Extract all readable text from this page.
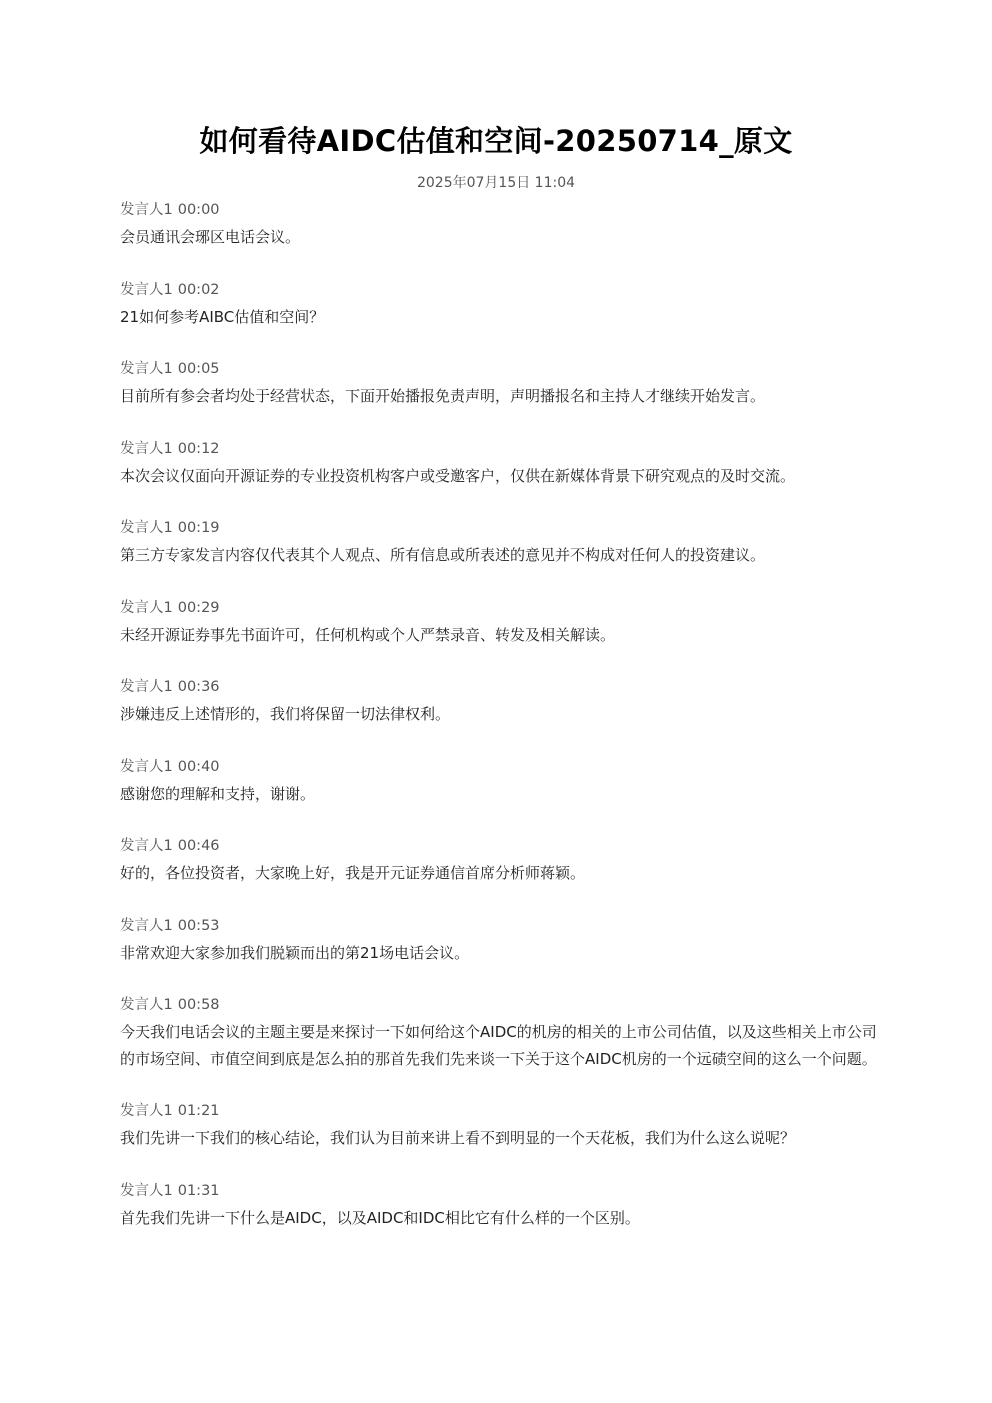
如何看待AIDC估值和空间-20250714_原文
2025年07月15日 11:04
发言人1 00:00
会员通讯会琊区电话会议。
发言人1 00:02
21如何参考AIBC估值和空间？
发言人1 00:05
目前所有参会者均处于经营状态，下面开始播报免责声明，声明播报名和主持人才继续开始发言。
发言人1 00:12
本次会议仅面向开源证券的专业投资机构客户或受邀客户，仅供在新媒体背景下研究观点的及时交流。
发言人1 00:19
第三方专家发言内容仅代表其个人观点、所有信息或所表述的意见并不构成对任何人的投资建议。
发言人1 00:29
未经开源证券事先书面许可，任何机构或个人严禁录音、转发及相关解读。
发言人1 00:36
涉嫌违反上述情形的，我们将保留一切法律权利。
发言人1 00:40
感谢您的理解和支持，谢谢。
发言人1 00:46
好的，各位投资者，大家晚上好，我是开元证券通信首席分析师蒋颖。
发言人1 00:53
非常欢迎大家参加我们脱颖而出的第21场电话会议。
发言人1 00:58
今天我们电话会议的主题主要是来探讨一下如何给这个AIDC的机房的相关的上市公司估值，以及这些相关上市公司的市场空间、市值空间到底是怎么拍的那首先我们先来谈一下关于这个AIDC机房的一个远碛空间的这么一个问题。
发言人1 01:21
我们先讲一下我们的核心结论，我们认为目前来讲上看不到明显的一个天花板，我们为什么这么说呢？
发言人1 01:31
首先我们先讲一下什么是AIDC，以及AIDC和IDC相比它有什么样的一个区别。
